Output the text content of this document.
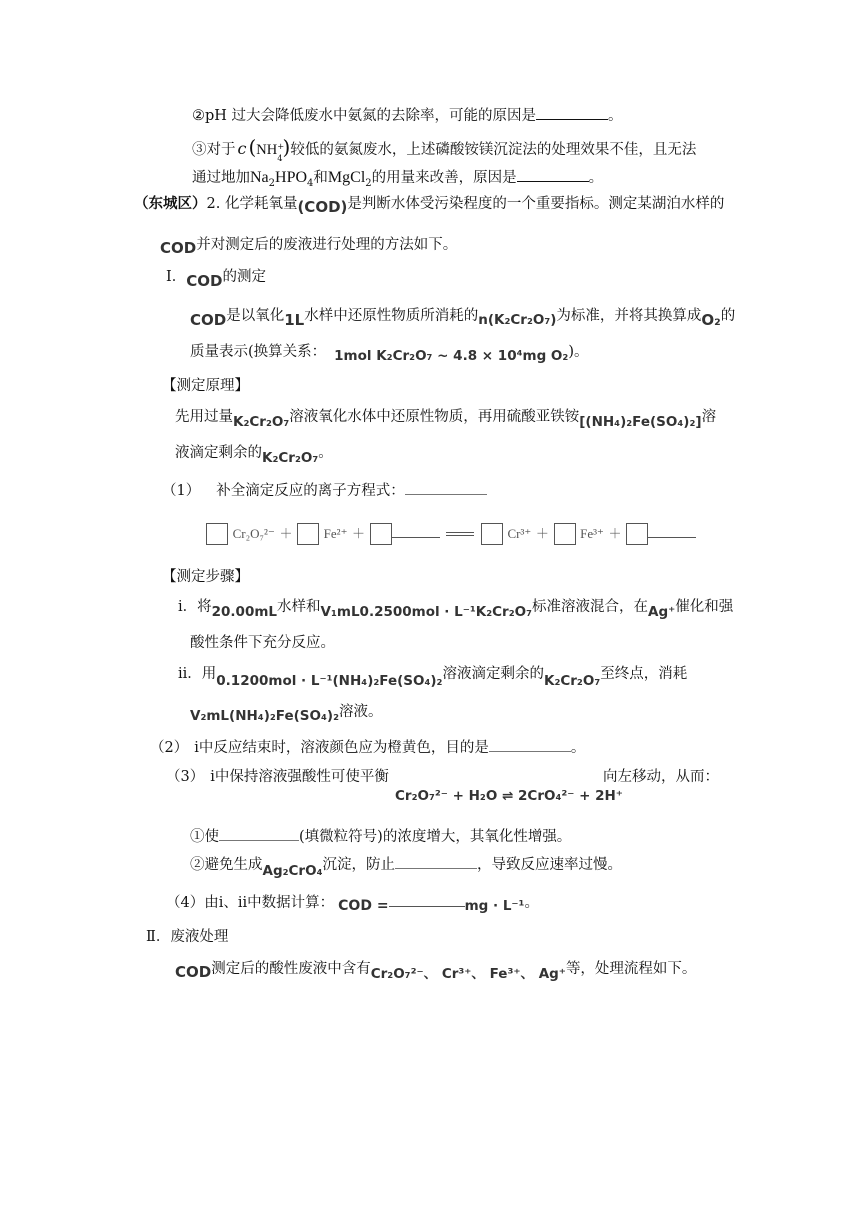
②pH 过大会降低废水中氨氮的去除率，可能的原因是	。
③对于 c (NH +
$_4$)较低的氨氮废水，上述磷酸铵镁沉淀法的处理效果不佳，且无法
通过地加$Na_2HPO_4$和MgCl$_2$的用量来改善，原因是	。
（东城区）2. 化学耗氧量(COD)是判断水体受污染程度的一个重要指标。测定某湖泊水样的
COD并对测定后的废液进行处理的方法如下。
Ⅰ．COD的测定
COD是以氧化1L水样中还原性物质所消耗的n(K₂Cr₂O₇)为标准，并将其换算成O₂的
质量表示(换算关系： 1mol K₂Cr₂O₇ ~ 4.8 × 10⁴mg O₂)。
【测定原理】
先用过量K₂Cr₂O₇溶液氧化水体中还原性物质，再用硫酸亚铁铵[(NH₄)₂Fe(SO₄)₂]溶
液滴定剩余的K₂Cr₂O₇。
（1） 补全滴定反应的离子方程式：
Cr₂O₇²⁻ ＋ Fe²⁺ ＋	Cr³⁺ ＋ Fe³⁺ ＋
【测定步骤】
ⅰ．将20.00mL水样和V₁mL0.2500mol · L⁻¹K₂Cr₂O₇标准溶液混合，在Ag⁺催化和强
酸性条件下充分反应。
ⅱ．用0.1200mol · L⁻¹(NH₄)₂Fe(SO₄)₂溶液滴定剩余的K₂Cr₂O₇至终点，消耗
V₂mL(NH₄)₂Fe(SO₄)₂溶液。
（2） ⅰ中反应结束时，溶液颜色应为橙黄色，目的是	。
（3） ⅰ中保持溶液强酸性可使平衡	向左移动，从而：
Cr₂O₇²⁻ + H₂O ⇌ 2CrO₄²⁻ + 2H⁺
①使	(填微粒符号)的浓度增大，其氧化性增强。
②避免生成Ag₂CrO₄沉淀，防止	，导致反应速率过慢。
（4）由ⅰ、ⅱ中数据计算： COD =	mg · L⁻¹。
Ⅱ．废液处理
COD测定后的酸性废液中含有Cr₂O₇²⁻、 Cr³⁺、 Fe³⁺、 Ag⁺等，处理流程如下。
